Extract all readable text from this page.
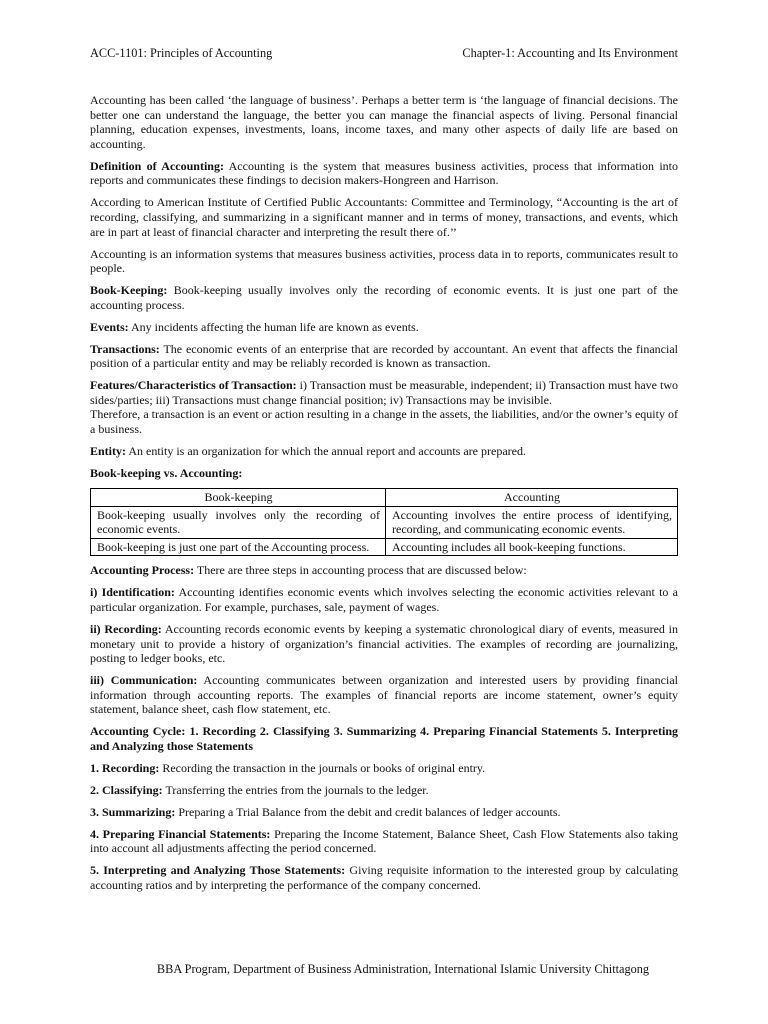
ACC-1101: Principles of Accounting	Chapter-1: Accounting and Its Environment

Accounting has been called ‘the language of business’. Perhaps a better term is ‘the language of financial decisions. The better one can understand the language, the better you can manage the financial aspects of living. Personal financial planning, education expenses, investments, loans, income taxes, and many other aspects of daily life are based on accounting.

Definition of Accounting: Accounting is the system that measures business activities, process that information into reports and communicates these findings to decision makers-Hongreen and Harrison.

According to American Institute of Certified Public Accountants: Committee and Terminology, “Accounting is the art of recording, classifying, and summarizing in a significant manner and in terms of money, transactions, and events, which are in part at least of financial character and interpreting the result there of.’’

Accounting is an information systems that measures business activities, process data in to reports, communicates result to people.

Book-Keeping: Book-keeping usually involves only the recording of economic events. It is just one part of the accounting process.

Events: Any incidents affecting the human life are known as events.

Transactions: The economic events of an enterprise that are recorded by accountant. An event that affects the financial position of a particular entity and may be reliably recorded is known as transaction.

Features/Characteristics of Transaction: i) Transaction must be measurable, independent; ii) Transaction must have two sides/parties; iii) Transactions must change financial position; iv) Transactions may be invisible.

Therefore, a transaction is an event or action resulting in a change in the assets, the liabilities, and/or the owner’s equity of a business.

Entity: An entity is an organization for which the annual report and accounts are prepared.

Book-keeping vs. Accounting:

Book-keeping	Accounting
Book-keeping usually involves only the recording of economic events.	Accounting involves the entire process of identifying, recording, and communicating economic events.
Book-keeping is just one part of the Accounting process.	Accounting includes all book-keeping functions.

Accounting Process: There are three steps in accounting process that are discussed below:

i) Identification: Accounting identifies economic events which involves selecting the economic activities relevant to a particular organization. For example, purchases, sale, payment of wages.

ii) Recording: Accounting records economic events by keeping a systematic chronological diary of events, measured in monetary unit to provide a history of organization’s financial activities. The examples of recording are journalizing, posting to ledger books, etc.

iii) Communication: Accounting communicates between organization and interested users by providing financial information through accounting reports. The examples of financial reports are income statement, owner’s equity statement, balance sheet, cash flow statement, etc.

Accounting Cycle: 1. Recording 2. Classifying 3. Summarizing 4. Preparing Financial Statements 5. Interpreting and Analyzing those Statements

1. Recording: Recording the transaction in the journals or books of original entry.

2. Classifying: Transferring the entries from the journals to the ledger.

3. Summarizing: Preparing a Trial Balance from the debit and credit balances of ledger accounts.

4. Preparing Financial Statements: Preparing the Income Statement, Balance Sheet, Cash Flow Statements also taking into account all adjustments affecting the period concerned.

5. Interpreting and Analyzing Those Statements: Giving requisite information to the interested group by calculating accounting ratios and by interpreting the performance of the company concerned.

BBA Program, Department of Business Administration, International Islamic University Chittagong
